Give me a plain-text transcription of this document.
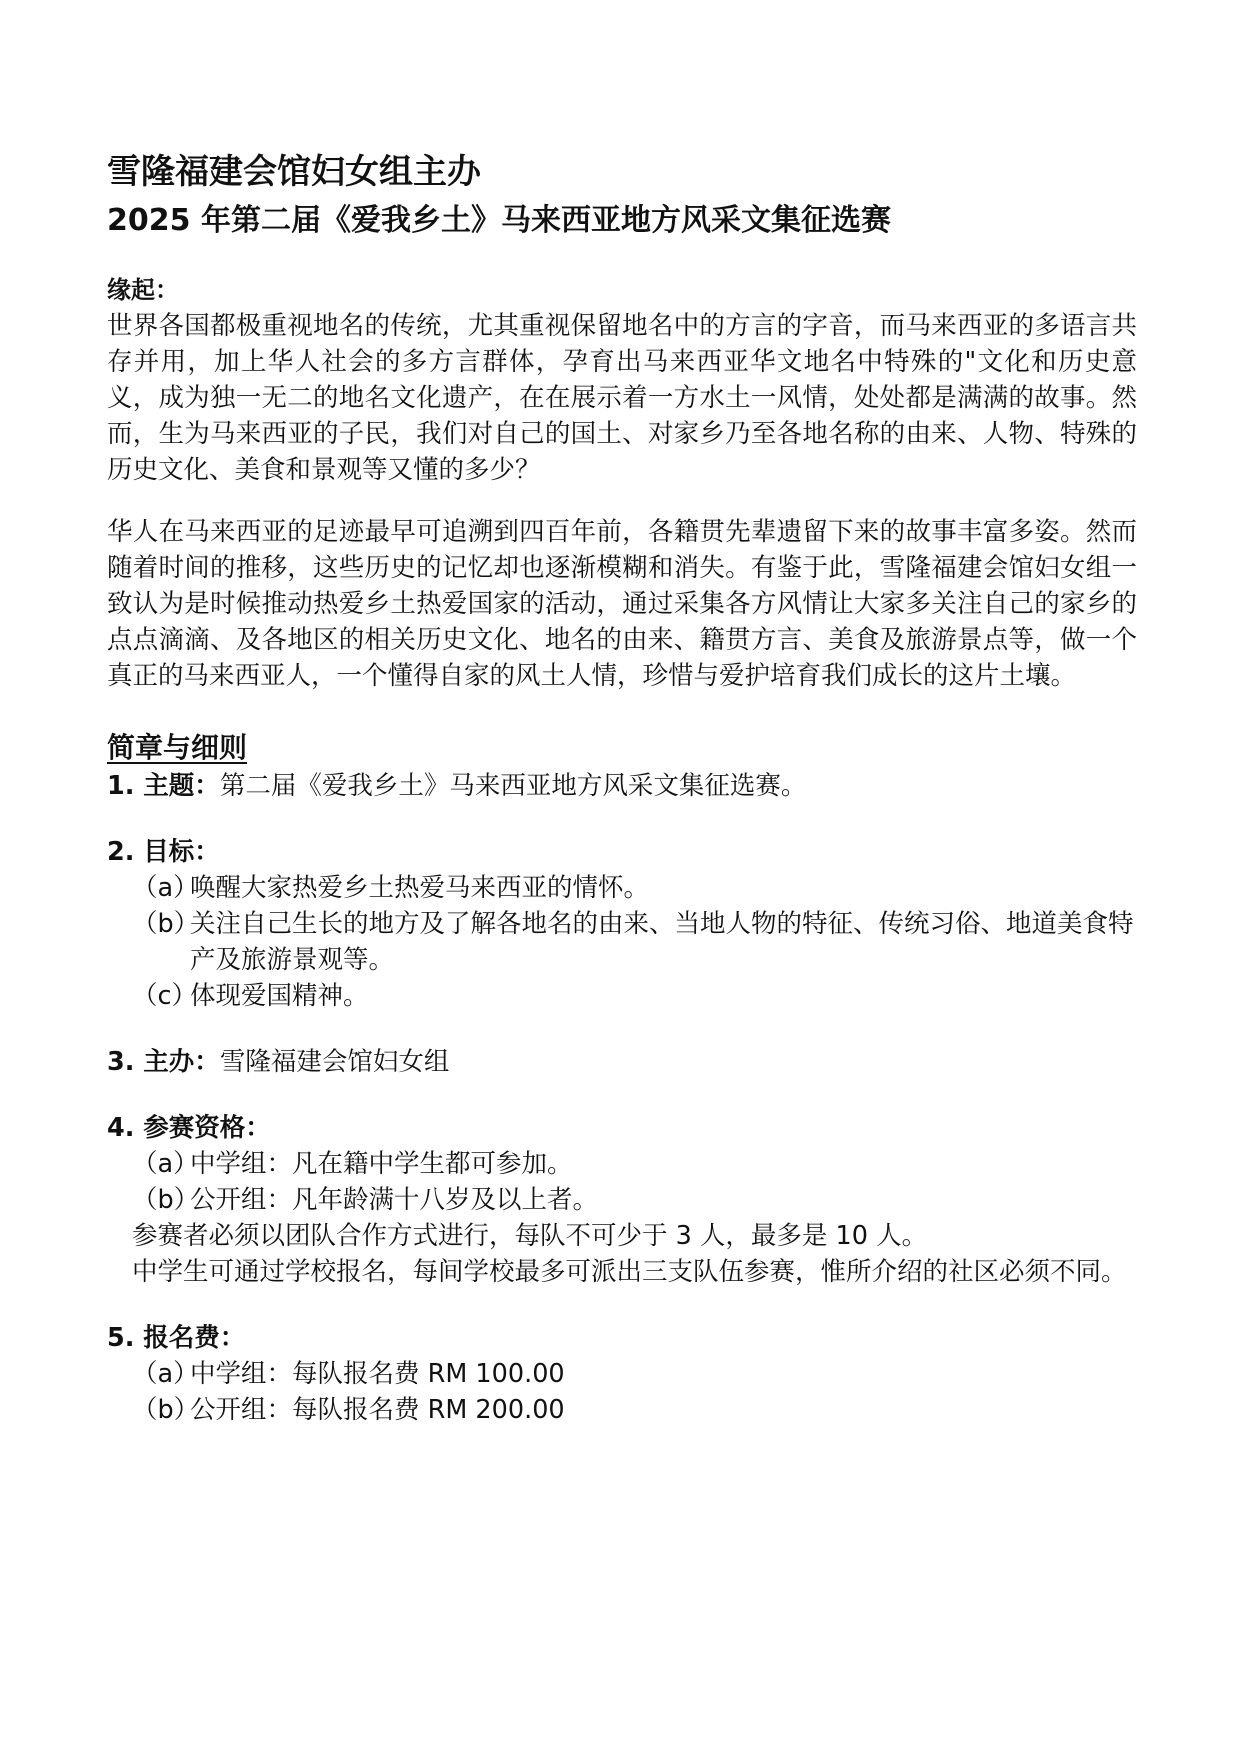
雪隆福建会馆妇女组主办
2025 年第二届《爱我乡土》马来西亚地方风采文集征选赛
缘起：

世界各国都极重视地名的传统，尤其重视保留地名中的方言的字音，而马来西亚的多语言共存并用，加上华人社会的多方言群体，孕育出马来西亚华文地名中特殊的"文化和历史意义，成为独一无二的地名文化遗产，在在展示着一方水土一风情，处处都是满满的故事。然而，生为马来西亚的子民，我们对自己的国土、对家乡乃至各地名称的由来、人物、特殊的历史文化、美食和景观等又懂的多少？

华人在马来西亚的足迹最早可追溯到四百年前，各籍贯先辈遗留下来的故事丰富多姿。然而随着时间的推移，这些历史的记忆却也逐渐模糊和消失。有鉴于此，雪隆福建会馆妇女组一致认为是时候推动热爱乡土热爱国家的活动，通过采集各方风情让大家多关注自己的家乡的点点滴滴、及各地区的相关历史文化、地名的由来、籍贯方言、美食及旅游景点等，做一个真正的马来西亚人，一个懂得自家的风土人情，珍惜与爱护培育我们成长的这片土壤。

简章与细则

1. 主题：第二届《爱我乡土》马来西亚地方风采文集征选赛。

2. 目标：

（a）
唤醒大家热爱乡土热爱马来西亚的情怀。
（b）
关注自己生长的地方及了解各地名的由来、当地人物的特征、传统习俗、地道美食特产及旅游景观等。
（c）
体现爱国精神。

3. 主办：雪隆福建会馆妇女组

4. 参赛资格：

（a）
中学组：凡在籍中学生都可参加。
（b）
公开组：凡年龄满十八岁及以上者。

参赛者必须以团队合作方式进行，每队不可少于 3 人，最多是 10 人。

中学生可通过学校报名，每间学校最多可派出三支队伍参赛，惟所介绍的社区必须不同。

5. 报名费：

（a）
中学组：每队报名费 RM 100.00
（b）
公开组：每队报名费 RM 200.00
